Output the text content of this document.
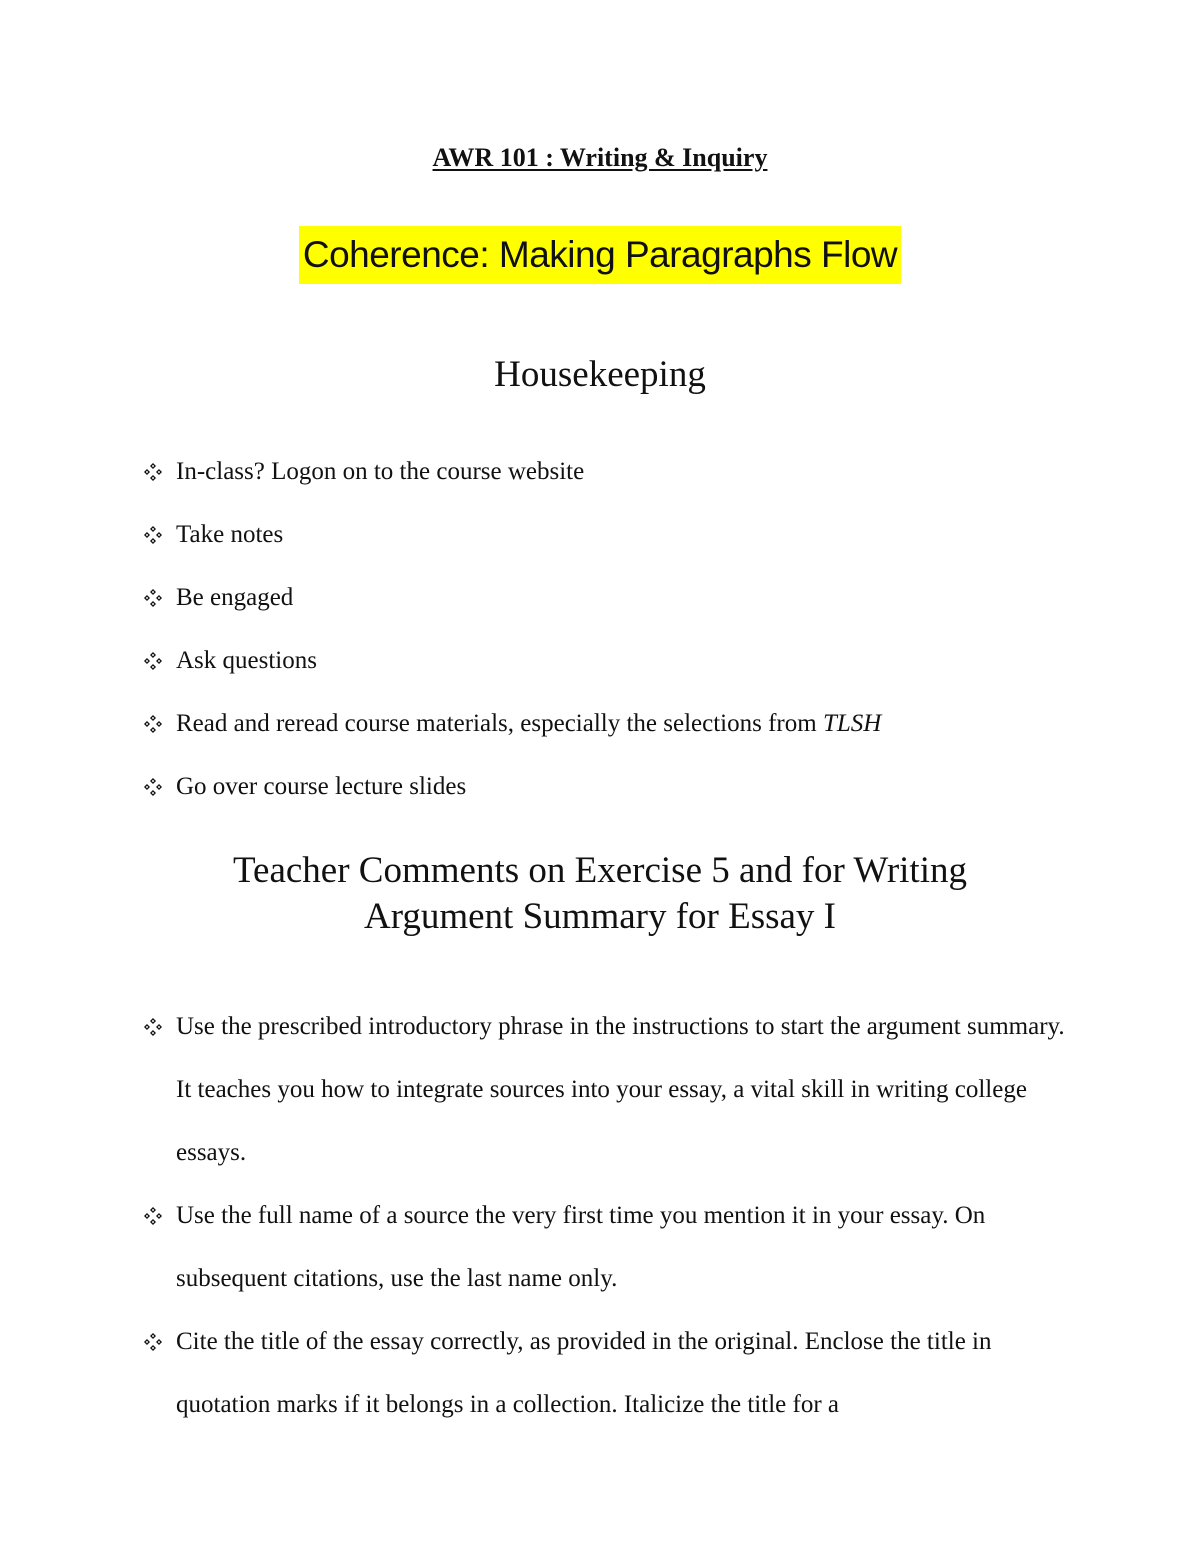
AWR 101 : Writing & Inquiry
Coherence: Making Paragraphs Flow
Housekeeping
In-class? Logon on to the course website
Take notes
Be engaged
Ask questions
Read and reread course materials, especially the selections from TLSH
Go over course lecture slides
Teacher Comments on Exercise 5 and for Writing
Argument Summary for Essay I
Use the prescribed introductory phrase in the instructions to start the argument summary. It teaches you how to integrate sources into your essay, a vital skill in writing college essays.
Use the full name of a source the very first time you mention it in your essay. On subsequent citations, use the last name only.
Cite the title of the essay correctly, as provided in the original. Enclose the title in quotation marks if it belongs in a collection. Italicize the title for a
